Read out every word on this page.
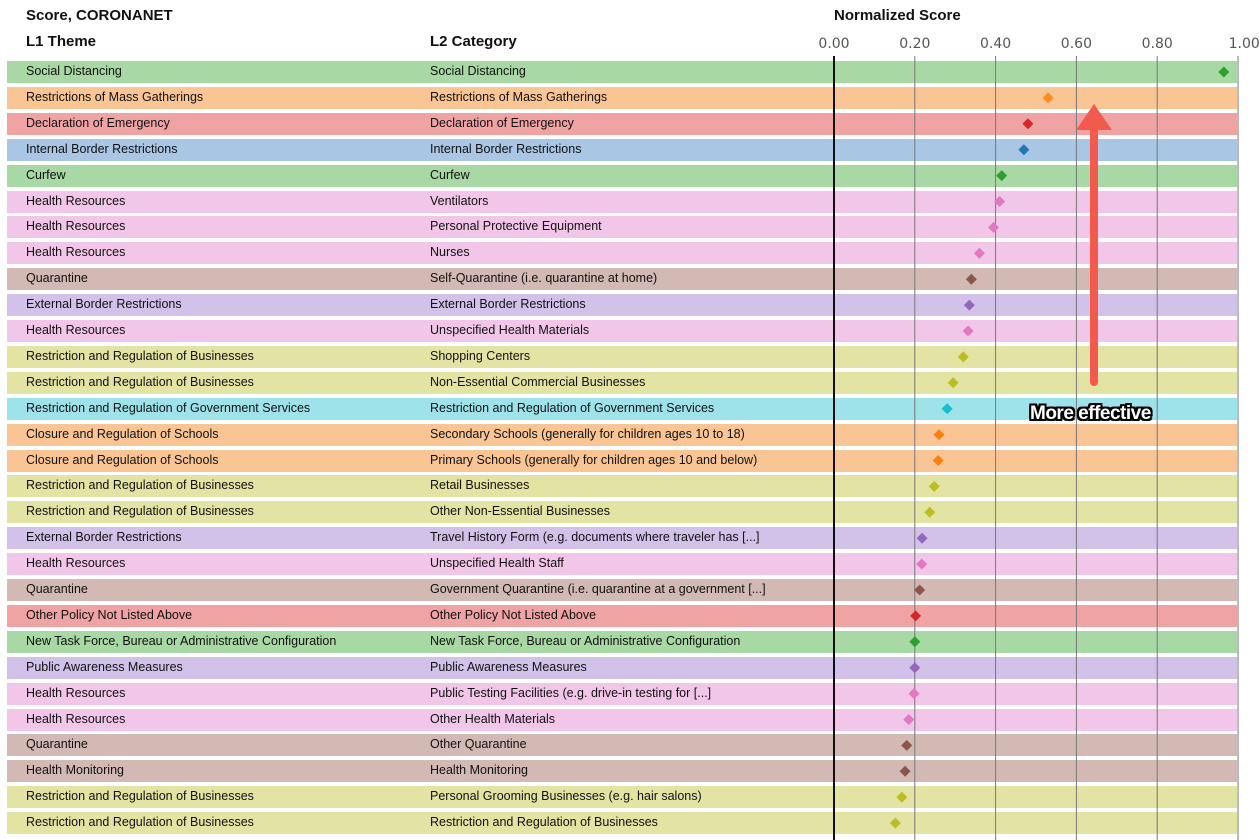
Score, CORONANET
L1 Theme	L2 Category
Normalized Score
0.00	0.20	0.40	0.60	0.80	1.00
Social Distancing	Social Distancing
Restrictions of Mass Gatherings	Restrictions of Mass Gatherings
Declaration of Emergency	Declaration of Emergency
Internal Border Restrictions	Internal Border Restrictions
Curfew	Curfew
Health Resources	Ventilators
Health Resources	Personal Protective Equipment
Health Resources	Nurses
Quarantine	Self-Quarantine (i.e. quarantine at home)
External Border Restrictions	External Border Restrictions
Health Resources	Unspecified Health Materials
Restriction and Regulation of Businesses	Shopping Centers
Restriction and Regulation of Businesses	Non-Essential Commercial Businesses
Restriction and Regulation of Government Services	Restriction and Regulation of Government Services
Closure and Regulation of Schools	Secondary Schools (generally for children ages 10 to 18)
Closure and Regulation of Schools	Primary Schools (generally for children ages 10 and below)
Restriction and Regulation of Businesses	Retail Businesses
Restriction and Regulation of Businesses	Other Non-Essential Businesses
External Border Restrictions	Travel History Form (e.g. documents where traveler has [...]
Health Resources	Unspecified Health Staff
Quarantine	Government Quarantine (i.e. quarantine at a government [...]
Other Policy Not Listed Above	Other Policy Not Listed Above
New Task Force, Bureau or Administrative Configuration	New Task Force, Bureau or Administrative Configuration
Public Awareness Measures	Public Awareness Measures
Health Resources	Public Testing Facilities (e.g. drive-in testing for [...]
Health Resources	Other Health Materials
Quarantine	Other Quarantine
Health Monitoring	Health Monitoring
Restriction and Regulation of Businesses	Personal Grooming Businesses (e.g. hair salons)
Restriction and Regulation of Businesses	Restriction and Regulation of Businesses
More effective
